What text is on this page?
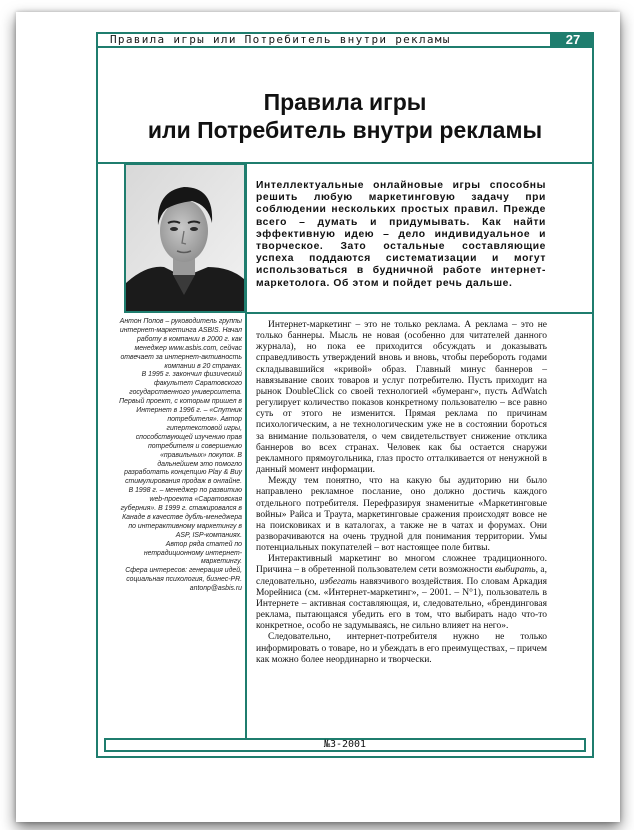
Правила игры или Потребитель внутри рекламы	27
Правила игры
или Потребитель внутри рекламы
Интеллектуальные онлайновые игры способны решить любую маркетинговую задачу при соблюдении нескольких простых правил. Прежде всего – думать и придумывать. Как найти эффективную идею – дело индивидуальное и творческое. Зато остальные составляющие успеха поддаются систематизации и могут использоваться в будничной работе интернет-маркетолога. Об этом и пойдет речь дальше.

Антон Попов – руководитель группы интернет-маркетинга ASBIS. Начал работу в компании в 2000 г. как менеджер www.asbis.com, сейчас отвечает за интернет-активность компании в 20 странах.

В 1995 г. закончил физический факультет Саратовского государственного университета.

Первый проект, с которым пришел в Интернет в 1996 г. – «Спутник потребителя». Автор гипертекстовой игры, способствующей изучению прав потребителя и совершению «правильных» покупок. В дальнейшем это помогло разработать концепцию Play & Buy стимулирования продаж в онлайне.

В 1998 г. – менеджер по развитию web-проекта «Саратовская губерния». В 1999 г. стажировался в Канаде в качестве дубль-менеджера по интерактивному маркетингу в ASP, ISP-компаниях.

Автор ряда статей по нетрадиционному интернет-маркетингу.

Сфера интересов: генерация идей, социальная психология, бизнес-PR.

antonp@asbis.ru

Интернет-маркетинг – это не только реклама. А реклама – это не только баннеры. Мысль не новая (особенно для читателей данного журнала), но пока ее приходится обсуждать и доказывать справедливость утверждений вновь и вновь, чтобы перебороть годами складывавшийся «кривой» образ. Главный минус баннеров – навязывание своих товаров и услуг потребителю. Пусть приходит на рынок DoubleClick со своей технологией «бумеранг», пусть AdWatch регулирует количество показов конкретному пользователю – все равно суть от этого не изменится. Прямая реклама по причинам психологическим, а не технологическим уже не в состоянии бороться за внимание пользователя, о чем свидетельствует снижение отклика баннеров во всех странах. Человек как бы остается снаружи рекламного прямоугольника, глаз просто отталкивается от ненужной в данный момент информации.

Между тем понятно, что на какую бы аудиторию ни было направлено рекламное послание, оно должно достичь каждого отдельного потребителя. Перефразируя знаменитые «Маркетинговые войны» Райса и Траута, маркетинговые сражения происходят вовсе не на поисковиках и в каталогах, а также не в чатах и форумах. Они разворачиваются на очень трудной для понимания территории. Умы потенциальных покупателей – вот настоящее поле битвы.

Интерактивный маркетинг во многом сложнее традиционного. Причина – в обретенной пользователем сети возможности выбирать, а, следовательно, избегать навязчивого воздействия. По словам Аркадия Морейнисa (см. «Интернет-маркетинг», – 2001. – N°1), пользователь в Интернете – активная составляющая, и, следовательно, «брендинговая реклама, пытающаяся убедить его в том, что выбирать надо что-то конкретное, особо не задумываясь, не сильно влияет на него».

Следовательно, интернет-потребителя нужно не только информировать о товаре, но и убеждать в его преимуществах, – причем как можно более неординарно и творчески.

№3-2001
